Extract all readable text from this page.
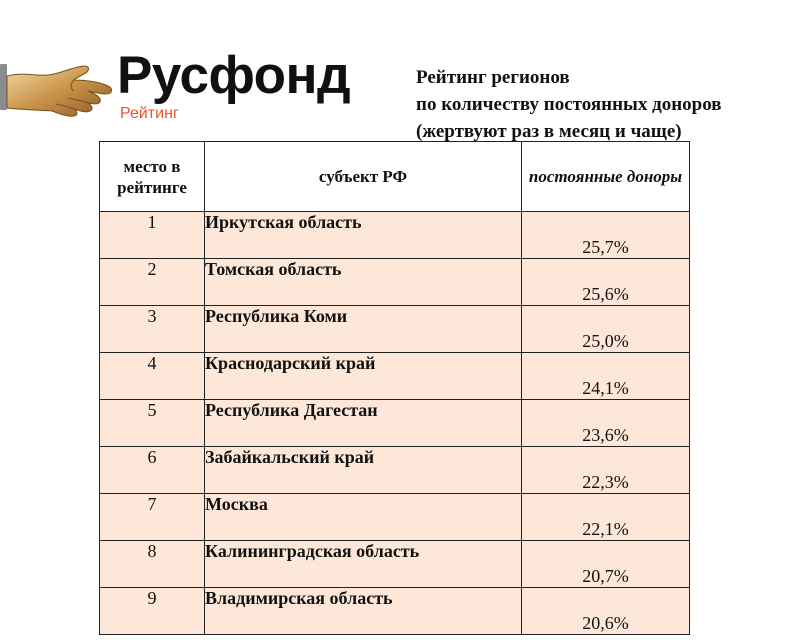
Русфонд
Рейтинг
Рейтинг регионов
по количеству постоянных доноров
(жертвуют раз в месяц и чаще)
место в рейтинге	субъект РФ	постоянные доноры
1	Иркутская область	25,7%
2	Томская область	25,6%
3	Республика Коми	25,0%
4	Краснодарский край	24,1%
5	Республика Дагестан	23,6%
6	Забайкальский край	22,3%
7	Москва	22,1%
8	Калининградская область	20,7%
9	Владимирская область	20,6%
